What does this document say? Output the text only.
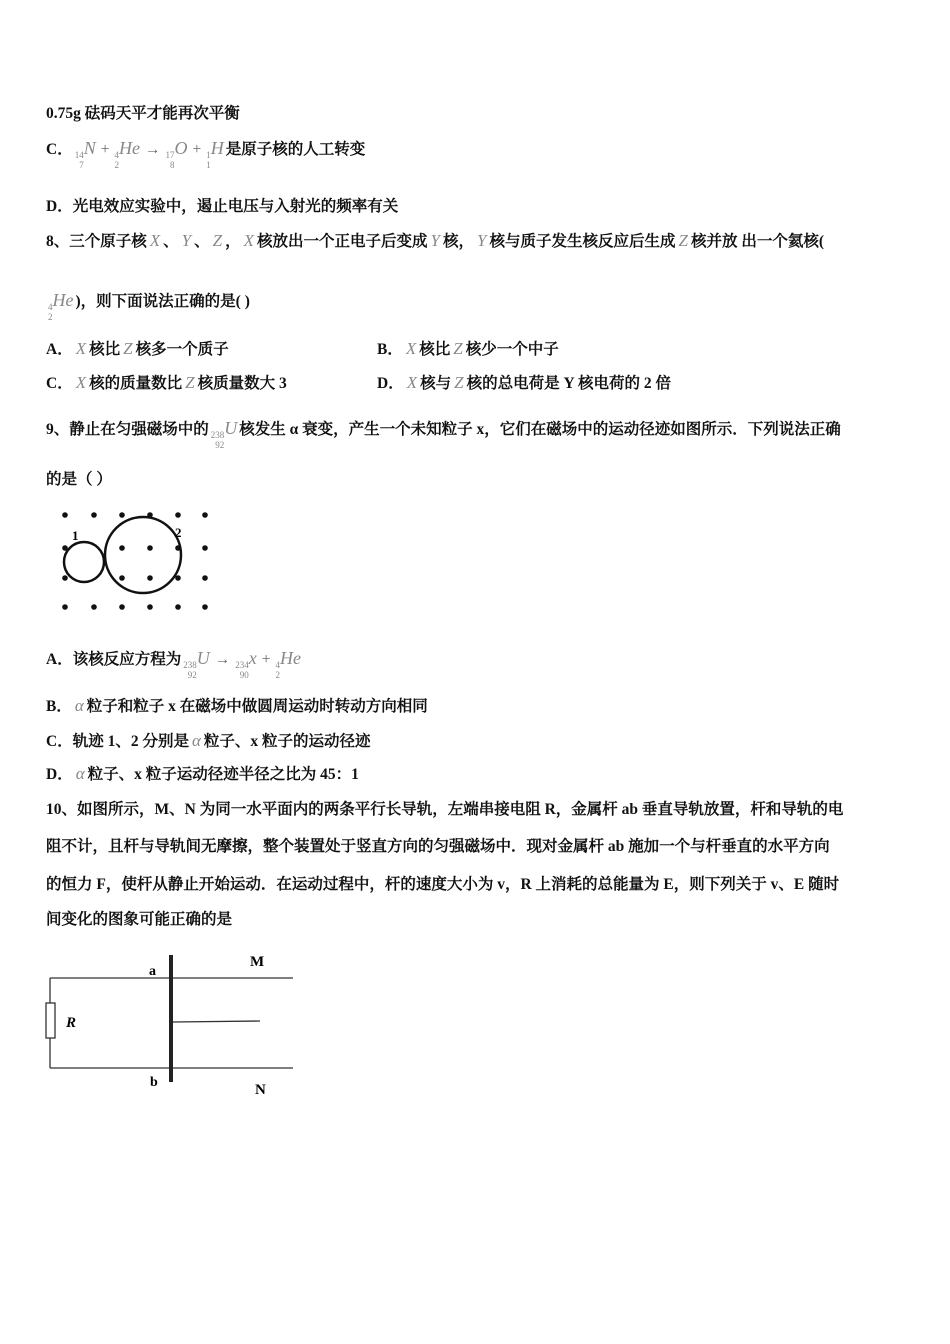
1	2
a
b
M
N
R
0.75g 砝码天平才能再次平衡
C． 14
7
N + 4
2
He → 17
8
O + 1
1
H 是原子核的人工转变
D．光电效应实验中，遏止电压与入射光的频率有关
8、三个原子核 X 、 Y 、 Z ， X 核放出一个正电子后变成 Y 核， Y 核与质子发生核反应后生成 Z 核并放 出一个氦核(
4
2
He )，则下面说法正确的是( )
A． X 核比 Z 核多一个质子	B． X 核比 Z 核少一个中子
C． X 核的质量数比 Z 核质量数大 3	D． X 核与 Z 核的总电荷是 Y 核电荷的 2 倍
9、静止在匀强磁场中的 238
92
U 核发生 α 衰变，产生一个未知粒子 x，它们在磁场中的运动径迹如图所示．下列说法正确
的是（ ）
A．该核反应方程为 238
92
U → 234
90
x + 4
2
He
B． α 粒子和粒子 x 在磁场中做圆周运动时转动方向相同
C．轨迹 1、2 分别是 α 粒子、x 粒子的运动径迹
D． α 粒子、x 粒子运动径迹半径之比为 45：1
10、如图所示，M、N 为同一水平面内的两条平行长导轨，左端串接电阻 R，金属杆 ab 垂直导轨放置，杆和导轨的电
阻不计，且杆与导轨间无摩擦，整个装置处于竖直方向的匀强磁场中．现对金属杆 ab 施加一个与杆垂直的水平方向
的恒力 F，使杆从静止开始运动．在运动过程中，杆的速度大小为 v，R 上消耗的总能量为 E，则下列关于 v、E 随时
间变化的图象可能正确的是
